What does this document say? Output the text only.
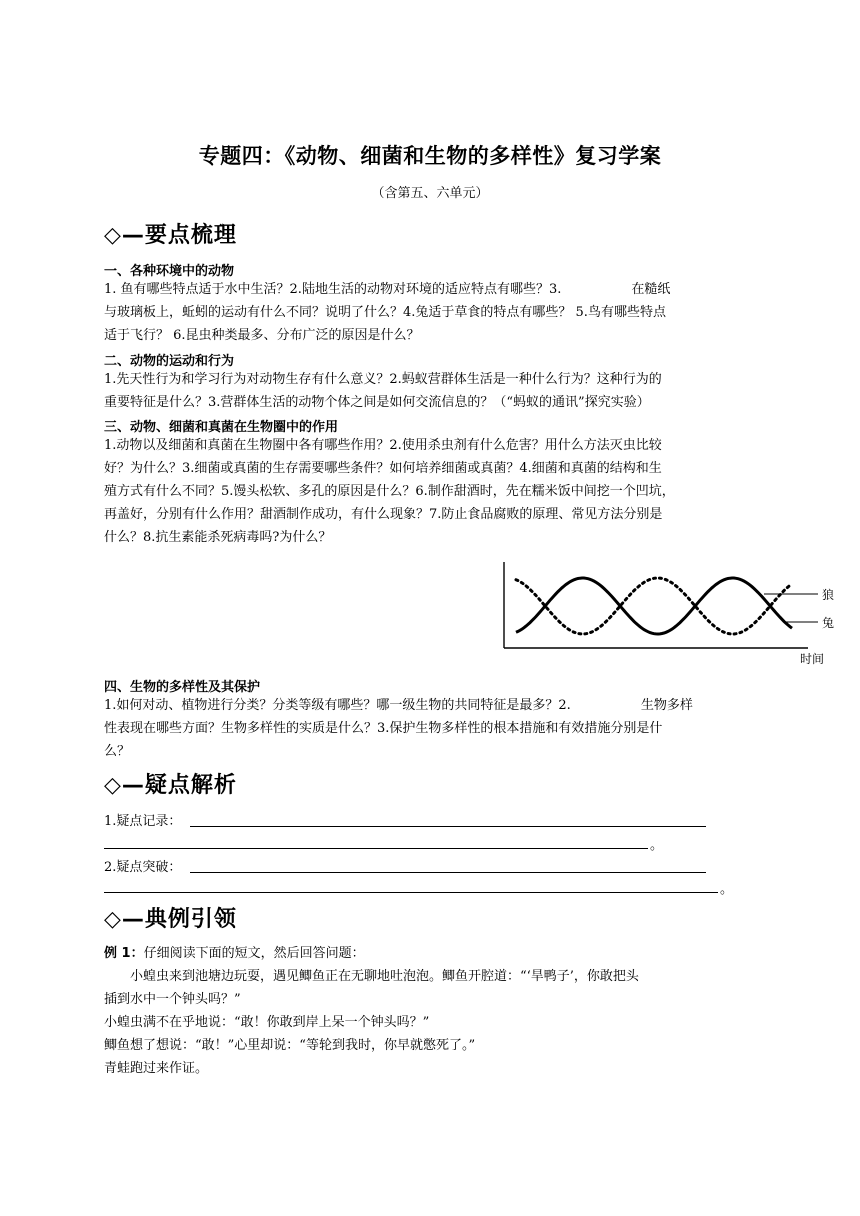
专题四：《动物、细菌和生物的多样性》复习学案
（含第五、六单元）
◇—要点梳理
一、各种环境中的动物
1. 鱼有哪些特点适于水中生活？2.陆地生活的动物对环境的适应特点有哪些？3.	在糙纸
与玻璃板上，蚯蚓的运动有什么不同？说明了什么？4.兔适于草食的特点有哪些？ 5.鸟有哪些特点
适于飞行？ 6.昆虫种类最多、分布广泛的原因是什么？
二、动物的运动和行为
1.先天性行为和学习行为对动物生存有什么意义？2.蚂蚁营群体生活是一种什么行为？这种行为的
重要特征是什么？3.营群体生活的动物个体之间是如何交流信息的？（“蚂蚁的通讯”探究实验）
三、动物、细菌和真菌在生物圈中的作用
1.动物以及细菌和真菌在生物圈中各有哪些作用？2.使用杀虫剂有什么危害？用什么方法灭虫比较
好？为什么？3.细菌或真菌的生存需要哪些条件？如何培养细菌或真菌？4.细菌和真菌的结构和生
殖方式有什么不同？5.馒头松软、多孔的原因是什么？6.制作甜酒时，先在糯米饭中间挖一个凹坑，
再盖好，分别有什么作用？甜酒制作成功，有什么现象？7.防止食品腐败的原理、常见方法分别是
什么？8.抗生素能杀死病毒吗?为什么？
狼
兔
时间
四、生物的多样性及其保护
1.如何对动、植物进行分类？分类等级有哪些？哪一级生物的共同特征是最多？2.	生物多样
性表现在哪些方面？生物多样性的实质是什么？3.保护生物多样性的根本措施和有效措施分别是什
么？
◇—疑点解析
1.疑点记录：
。
2.疑点突破：
。
◇—典例引领
例 1：仔细阅读下面的短文，然后回答问题：
小蝗虫来到池塘边玩耍，遇见鲫鱼正在无聊地吐泡泡。鲫鱼开腔道：“‘旱鸭子’，你敢把头
插到水中一个钟头吗？”
小蝗虫满不在乎地说：“敢！你敢到岸上呆一个钟头吗？”
鲫鱼想了想说：“敢！”心里却说：“等轮到我时，你早就憋死了。”
青蛙跑过来作证。
